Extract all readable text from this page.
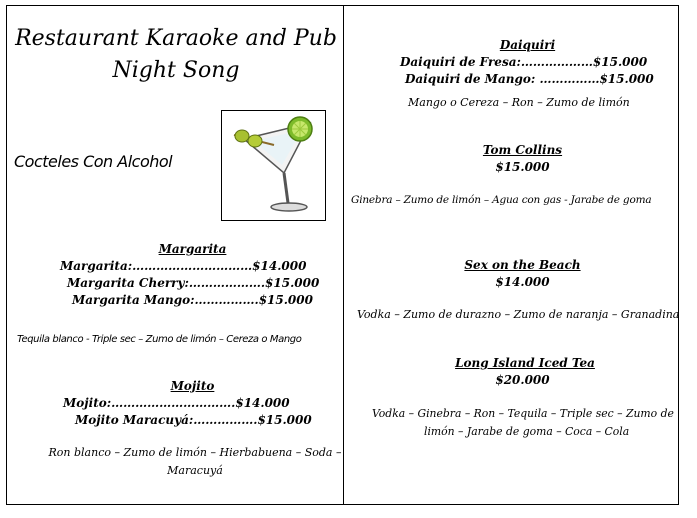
Restaurant Karaoke and Pub
Night Song
Cocteles Con Alcohol
Margarita
Margarita:…………………………$14.000
Margarita Cherry:……………….$15.000
Margarita Mango:…………….$15.000
Tequila blanco - Triple sec – Zumo de limón – Cereza o Mango
Mojito
Mojito:………………………….$14.000
Mojito Maracuyá:…………….$15.000
Ron blanco – Zumo de limón – Hierbabuena – Soda –
Maracuyá
Daiquiri
Daiquiri de Fresa:………………$15.000
Daiquiri de Mango: ……………$15.000
Mango o Cereza – Ron – Zumo de limón
Tom Collins
$15.000
Ginebra – Zumo de limón – Agua con gas - Jarabe de goma
Sex on the Beach
$14.000
Vodka – Zumo de durazno – Zumo de naranja – Granadina
Long Island Iced Tea
$20.000
Vodka – Ginebra – Ron – Tequila – Triple sec – Zumo de
limón – Jarabe de goma – Coca – Cola
